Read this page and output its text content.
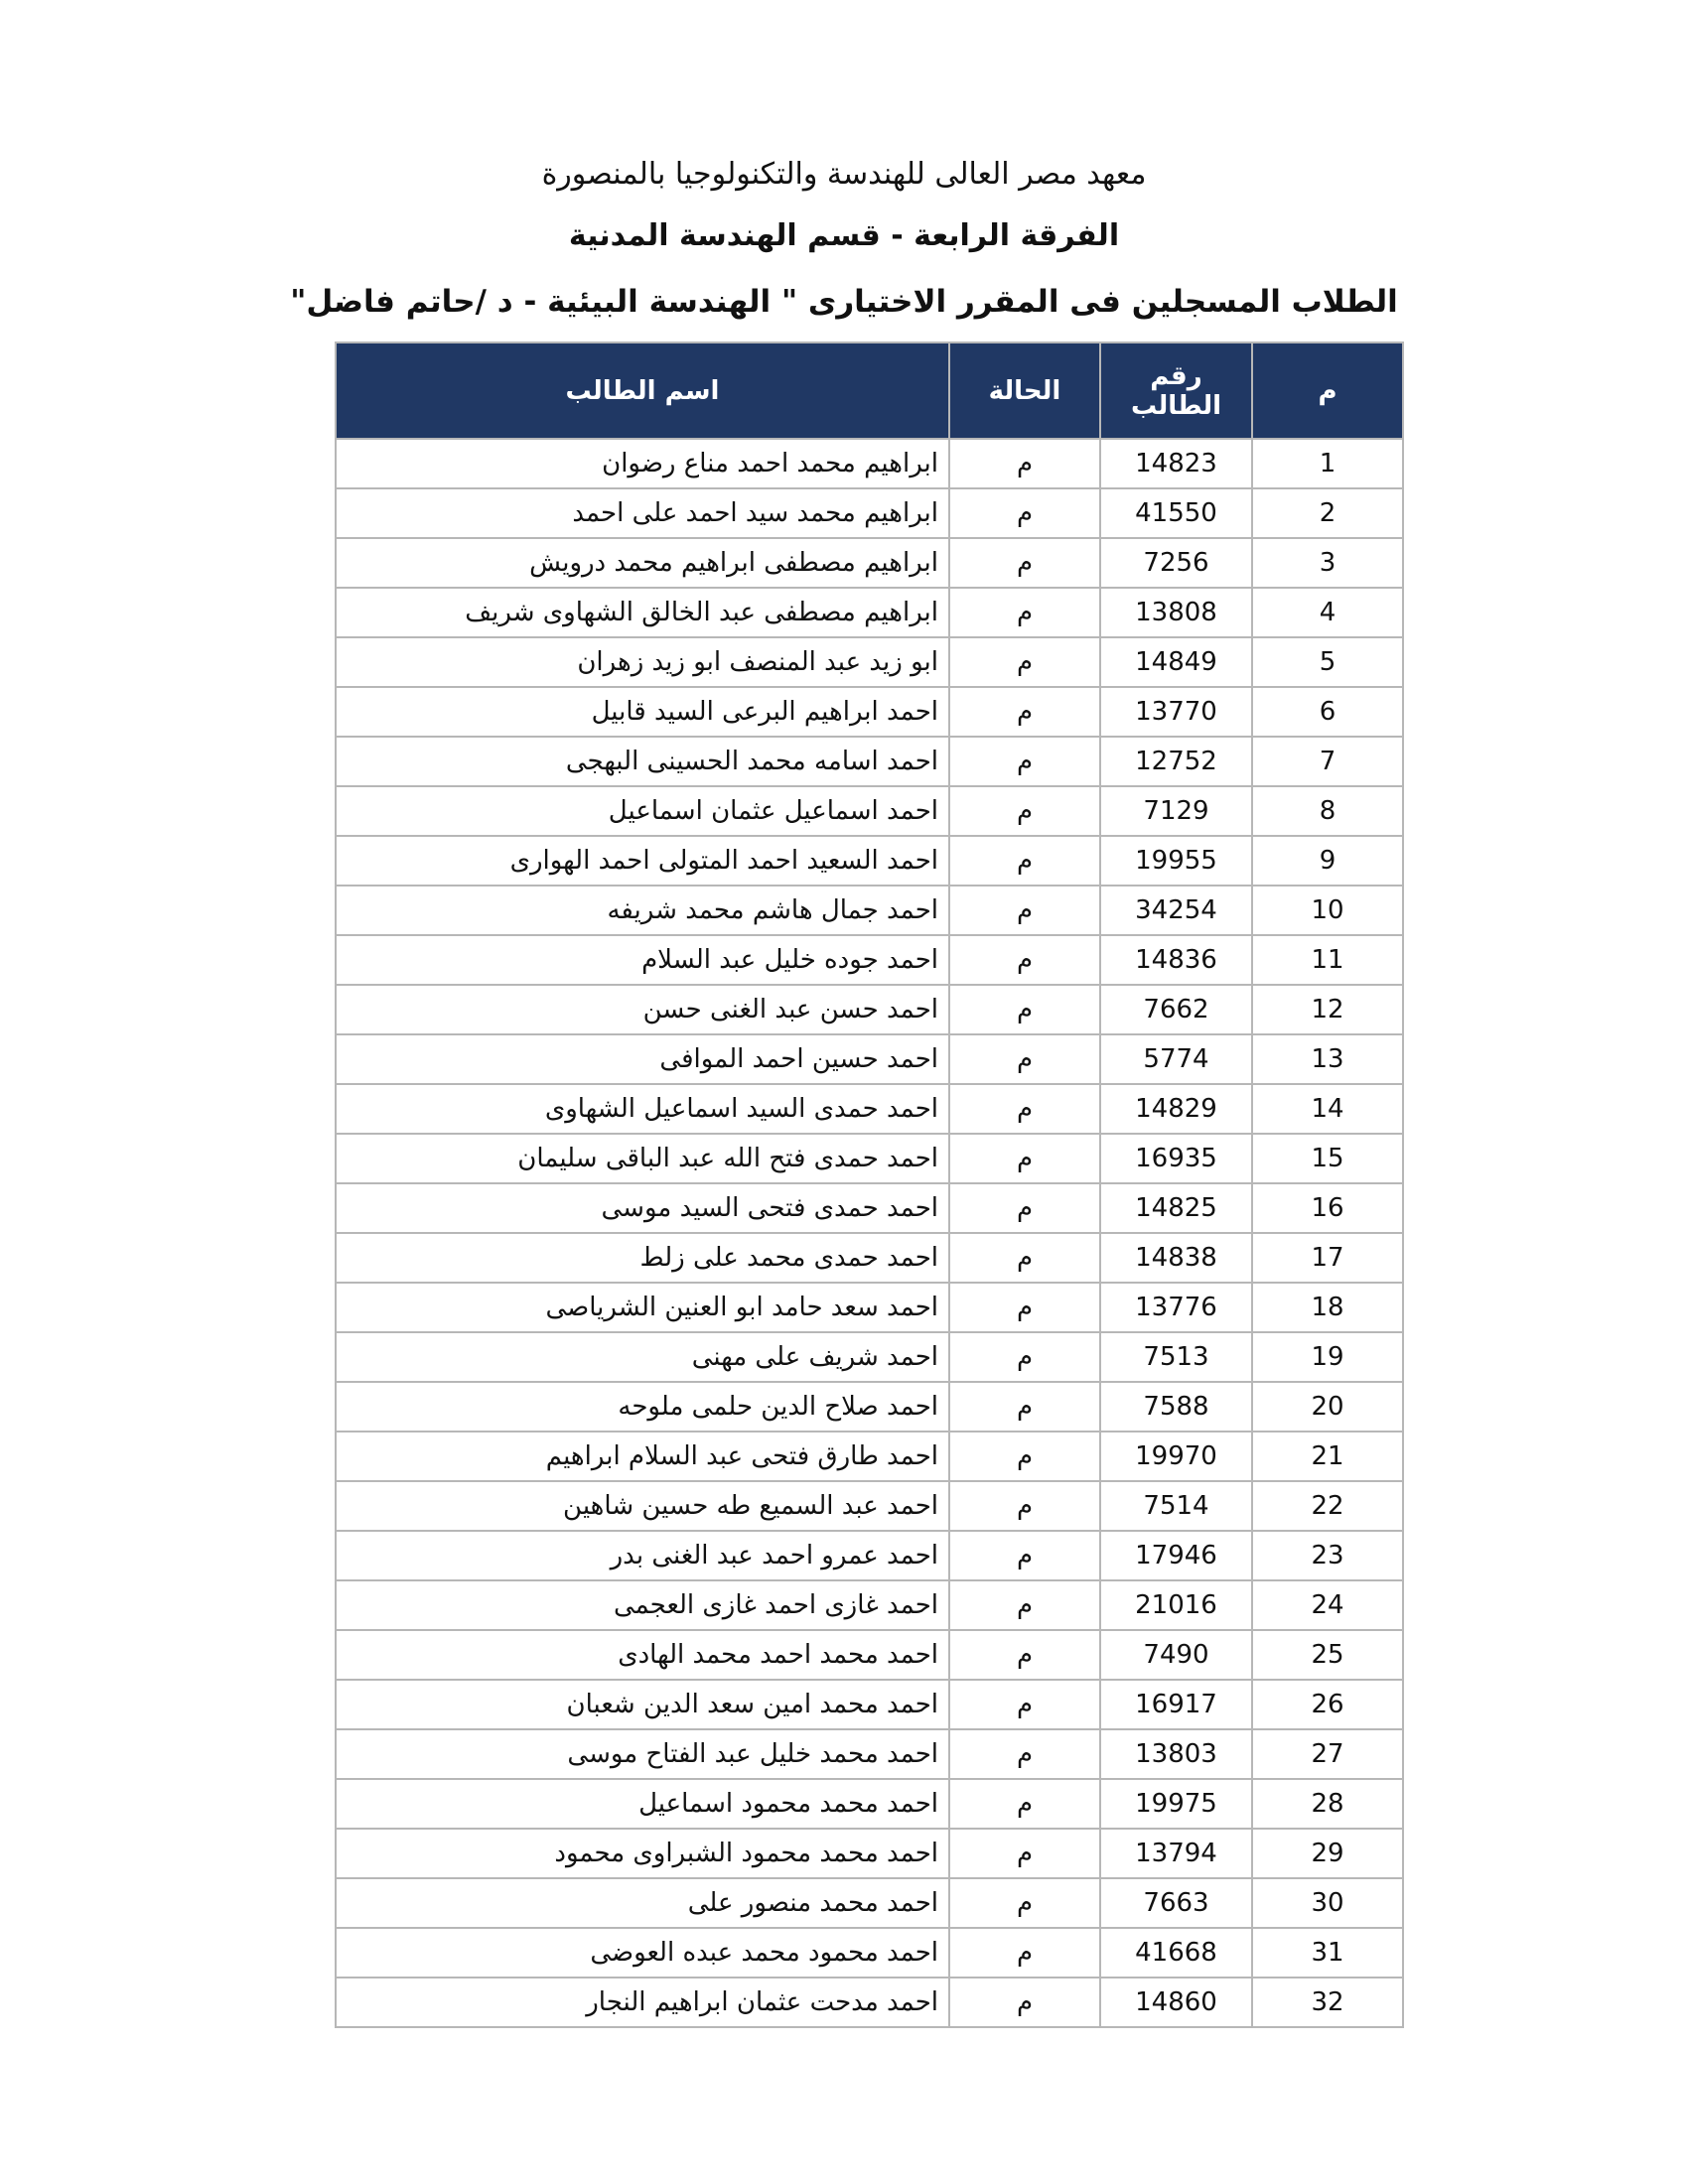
معهد مصر العالى للهندسة والتكنولوجيا بالمنصورة
الفرقة الرابعة - قسم الهندسة المدنية
الطلاب المسجلين فى المقرر الاختيارى " الهندسة البيئية - د /حاتم فاضل"
م	رقم الطالب	الحالة	اسم الطالب
1	14823	م	ابراهيم محمد احمد مناع رضوان
2	41550	م	ابراهيم محمد سيد احمد على احمد
3	7256	م	ابراهيم مصطفى ابراهيم محمد درويش
4	13808	م	ابراهيم مصطفى عبد الخالق الشهاوى شريف
5	14849	م	ابو زيد عبد المنصف ابو زيد زهران
6	13770	م	احمد ابراهيم البرعى السيد قابيل
7	12752	م	احمد اسامه محمد الحسينى البهجى
8	7129	م	احمد اسماعيل عثمان اسماعيل
9	19955	م	احمد السعيد احمد المتولى احمد الهوارى
10	34254	م	احمد جمال هاشم محمد شريفه
11	14836	م	احمد جوده خليل عبد السلام
12	7662	م	احمد حسن عبد الغنى حسن
13	5774	م	احمد حسين احمد الموافى
14	14829	م	احمد حمدى السيد اسماعيل الشهاوى
15	16935	م	احمد حمدى فتح الله عبد الباقى سليمان
16	14825	م	احمد حمدى فتحى السيد موسى
17	14838	م	احمد حمدى محمد على زلط
18	13776	م	احمد سعد حامد ابو العنين الشرياصى
19	7513	م	احمد شريف على مهنى
20	7588	م	احمد صلاح الدين حلمى ملوحه
21	19970	م	احمد طارق فتحى عبد السلام ابراهيم
22	7514	م	احمد عبد السميع طه حسين شاهين
23	17946	م	احمد عمرو احمد عبد الغنى بدر
24	21016	م	احمد غازى احمد غازى العجمى
25	7490	م	احمد محمد احمد محمد الهادى
26	16917	م	احمد محمد امين سعد الدين شعبان
27	13803	م	احمد محمد خليل عبد الفتاح موسى
28	19975	م	احمد محمد محمود اسماعيل
29	13794	م	احمد محمد محمود الشبراوى محمود
30	7663	م	احمد محمد منصور على
31	41668	م	احمد محمود محمد عبده العوضى
32	14860	م	احمد مدحت عثمان ابراهيم النجار
